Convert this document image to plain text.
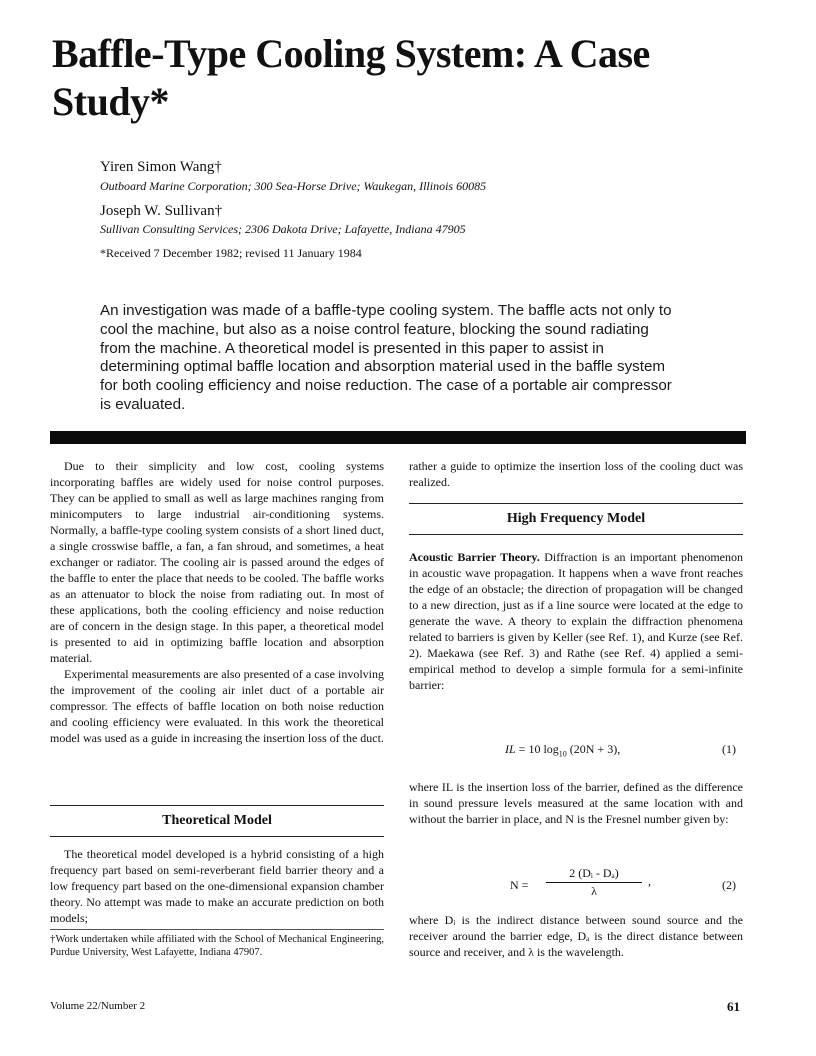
Baffle-Type Cooling System: A Case Study*
Yiren Simon Wang†
Outboard Marine Corporation; 300 Sea-Horse Drive; Waukegan, Illinois 60085
Joseph W. Sullivan†
Sullivan Consulting Services; 2306 Dakota Drive; Lafayette, Indiana 47905
*Received 7 December 1982; revised 11 January 1984
An investigation was made of a baffle-type cooling system. The baffle acts not only to cool the machine, but also as a noise control feature, blocking the sound radiating from the machine. A theoretical model is presented in this paper to assist in determining optimal baffle location and absorption material used in the baffle system for both cooling efficiency and noise reduction. The case of a portable air compressor is evaluated.

Due to their simplicity and low cost, cooling systems incorporating baffles are widely used for noise control purposes. They can be applied to small as well as large machines ranging from minicomputers to large industrial air-conditioning systems. Normally, a baffle-type cooling system consists of a short lined duct, a single crosswise baffle, a fan, a fan shroud, and sometimes, a heat exchanger or radiator. The cooling air is passed around the edges of the baffle to enter the place that needs to be cooled. The baffle works as an attenuator to block the noise from radiating out. In most of these applications, both the cooling efficiency and noise reduction are of concern in the design stage. In this paper, a theoretical model is presented to aid in optimizing baffle location and absorption material.

Experimental measurements are also presented of a case involving the improvement of the cooling air inlet duct of a portable air compressor. The effects of baffle location on both noise reduction and cooling efficiency were evaluated. In this work the theoretical model was used as a guide in increasing the insertion loss of the duct.

Theoretical Model

The theoretical model developed is a hybrid consisting of a high frequency part based on semi-reverberant field barrier theory and a low frequency part based on the one-dimensional expansion chamber theory. No attempt was made to make an accurate prediction on both models;

†Work undertaken while affiliated with the School of Mechanical Engineering, Purdue University, West Lafayette, Indiana 47907.

rather a guide to optimize the insertion loss of the cooling duct was realized.

High Frequency Model

Acoustic Barrier Theory. Diffraction is an important phenomenon in acoustic wave propagation. It happens when a wave front reaches the edge of an obstacle; the direction of propagation will be changed to a new direction, just as if a line source were located at the edge to generate the wave. A theory to explain the diffraction phenomena related to barriers is given by Keller (see Ref. 1), and Kurze (see Ref. 2). Maekawa (see Ref. 3) and Rathe (see Ref. 4) applied a semi-empirical method to develop a simple formula for a semi-infinite barrier:

IL = 10 $\log_{10} (20N + 3)$,	(1)

where IL is the insertion loss of the barrier, defined as the difference in sound pressure levels measured at the same location with and without the barrier in place, and N is the Fresnel number given by:

$N = \frac{\text{2 (Dᵢ - Dₐ)}}{\lambda}$ ,	(2)

where Dᵢ is the indirect distance between sound source and the receiver around the barrier edge, Dₐ is the direct distance between source and receiver, and λ is the wavelength.

Volume 22/Number 2	61
